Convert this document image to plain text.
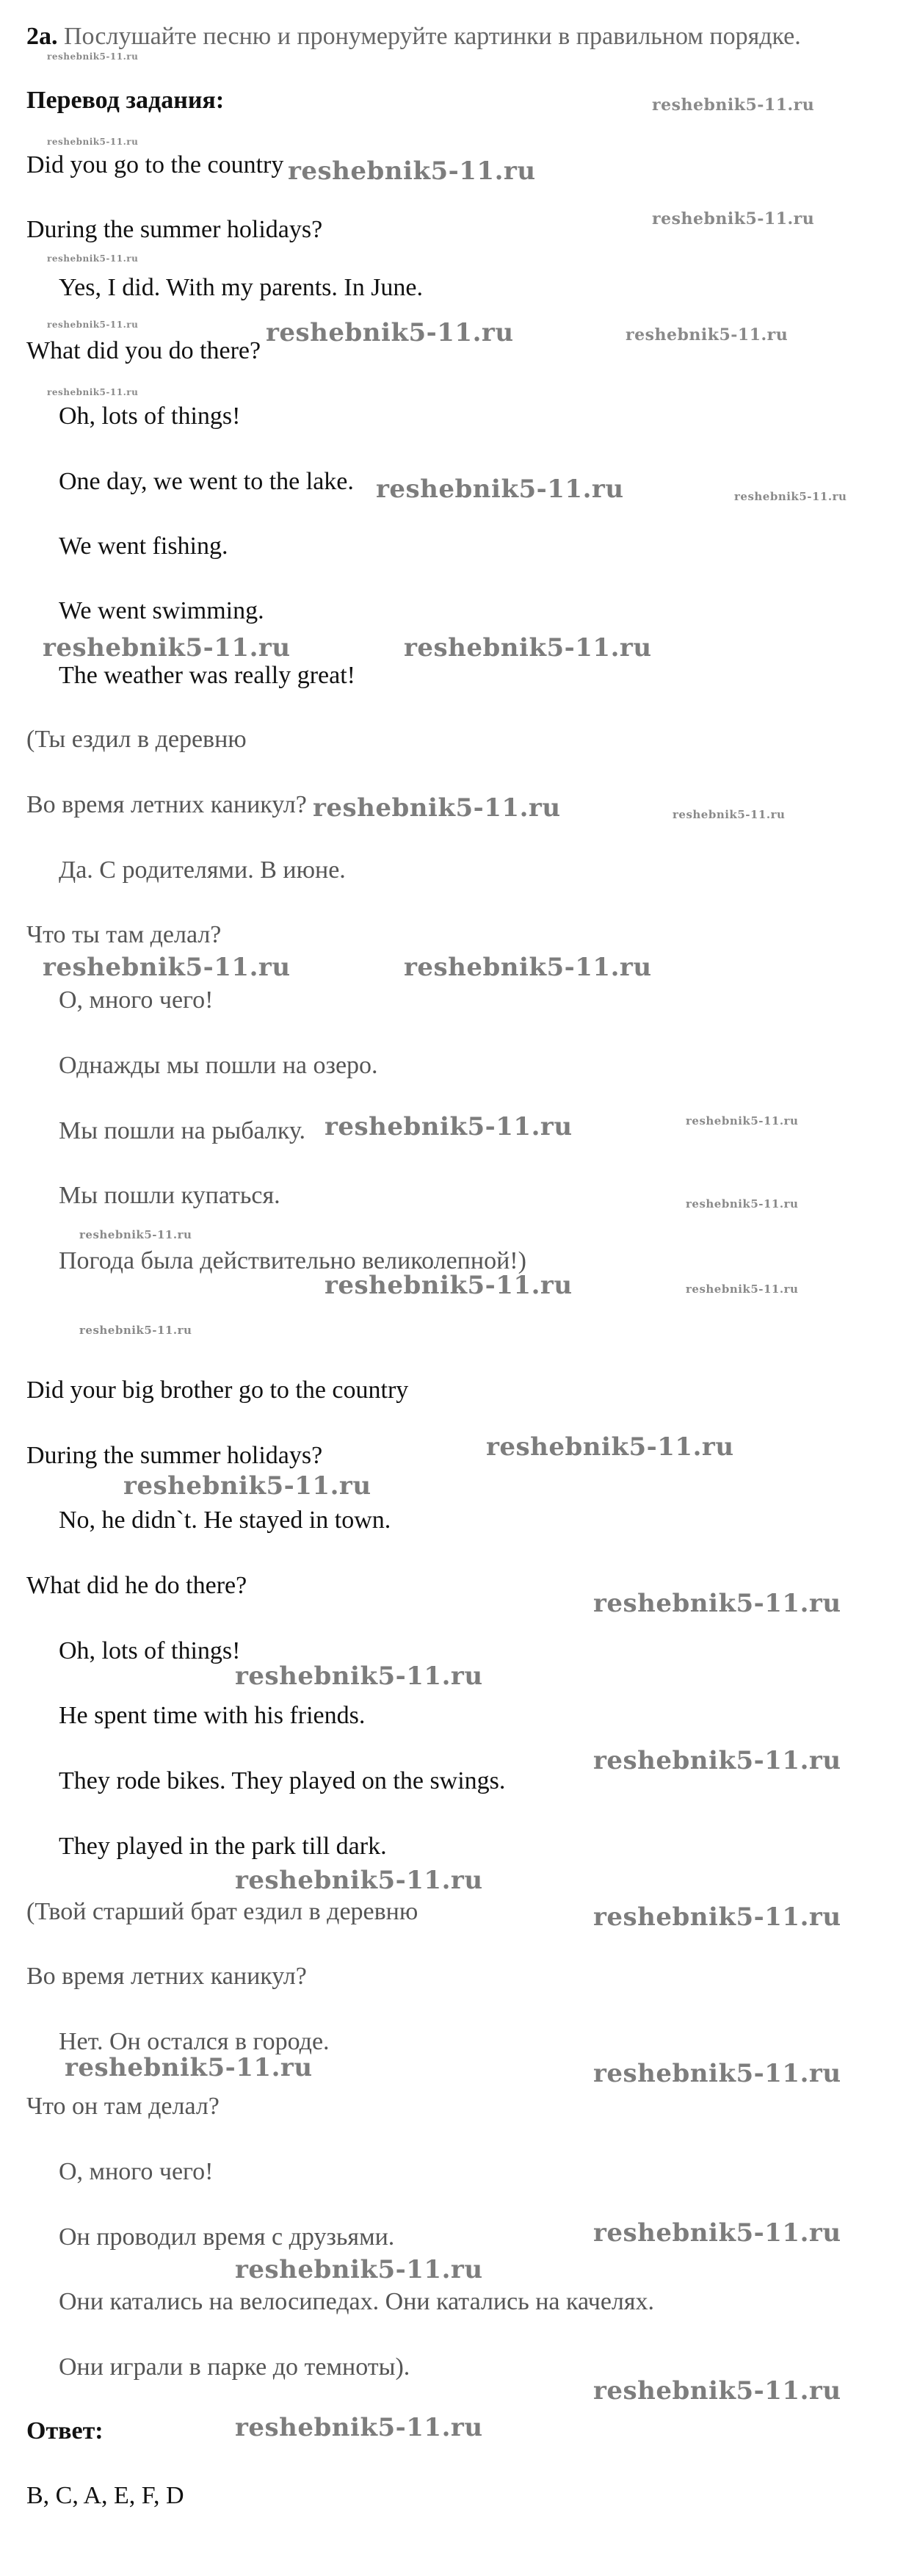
2a. Послушайте песню и пронумеруйте картинки в правильном порядке.
Перевод задания:
Did you go to the country
During the summer holidays?
Yes, I did. With my parents. In June.
What did you do there?
Oh, lots of things!
One day, we went to the lake.
We went fishing.
We went swimming.
The weather was really great!
(Ты ездил в деревню
Во время летних каникул?
Да. С родителями. В июне.
Что ты там делал?
О, много чего!
Однажды мы пошли на озеро.
Мы пошли на рыбалку.
Мы пошли купаться.
Погода была действительно великолепной!)
Did your big brother go to the country
During the summer holidays?
No, he didn`t. He stayed in town.
What did he do there?
Oh, lots of things!
He spent time with his friends.
They rode bikes. They played on the swings.
They played in the park till dark.
(Твой старший брат ездил в деревню
Во время летних каникул?
Нет. Он остался в городе.
Что он там делал?
О, много чего!
Он проводил время с друзьями.
Они катались на велосипедах. Они катались на качелях.
Они играли в парке до темноты).
Ответ:
B, C, A, E, F, D
reshebnik5-11.ru
reshebnik5-11.ru
reshebnik5-11.ru
reshebnik5-11.ru
reshebnik5-11.ru
reshebnik5-11.ru
reshebnik5-11.ru	reshebnik5-11.ru	reshebnik5-11.ru
reshebnik5-11.ru
reshebnik5-11.ru	reshebnik5-11.ru
reshebnik5-11.ru	reshebnik5-11.ru
reshebnik5-11.ru	reshebnik5-11.ru
reshebnik5-11.ru	reshebnik5-11.ru
reshebnik5-11.ru	reshebnik5-11.ru
reshebnik5-11.ru
reshebnik5-11.ru
reshebnik5-11.ru	reshebnik5-11.ru
reshebnik5-11.ru
reshebnik5-11.ru
reshebnik5-11.ru
reshebnik5-11.ru
reshebnik5-11.ru
reshebnik5-11.ru
reshebnik5-11.ru
reshebnik5-11.ru
reshebnik5-11.ru	reshebnik5-11.ru
reshebnik5-11.ru
reshebnik5-11.ru
reshebnik5-11.ru
reshebnik5-11.ru
